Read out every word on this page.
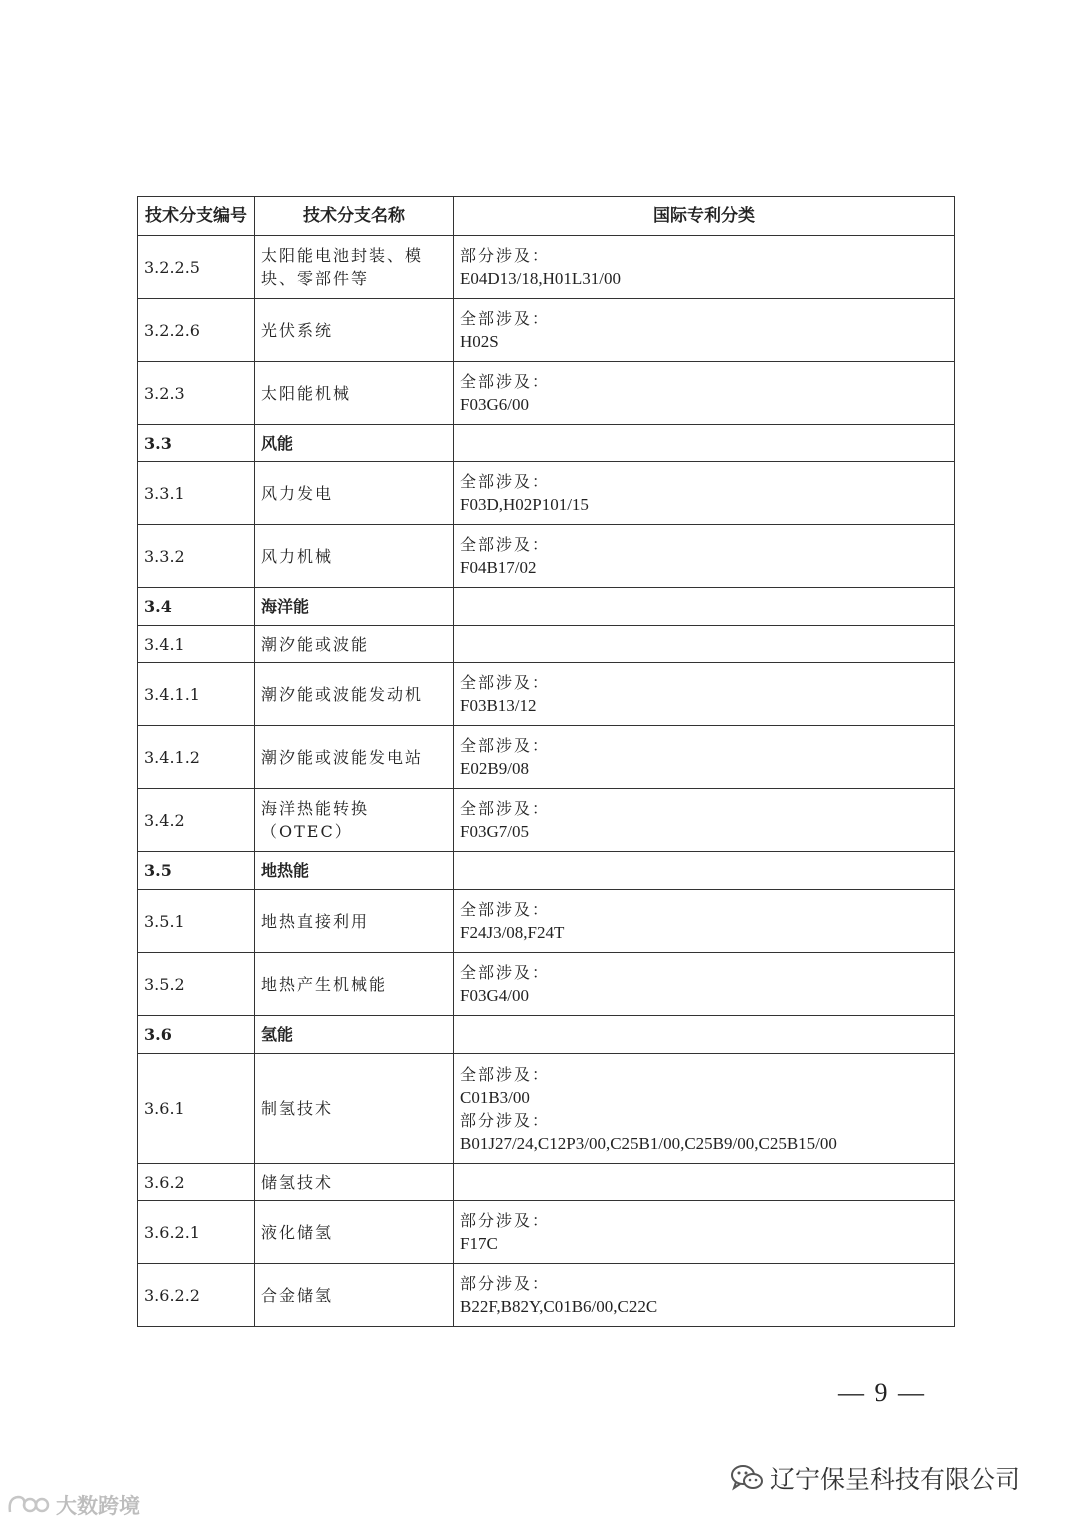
技术分支编号	技术分支名称	国际专利分类
3.2.2.5	太阳能电池封装、模块、零部件等	部分涉及：
E04D13/18,H01L31/00

3.2.2.6	光伏系统	全部涉及：
H02S

3.2.3	太阳能机械	全部涉及：
F03G6/00

3.3	风能	
3.3.1	风力发电	全部涉及：
F03D,H02P101/15

3.3.2	风力机械	全部涉及：
F04B17/02

3.4	海洋能	
3.4.1	潮汐能或波能	
3.4.1.1	潮汐能或波能发动机	全部涉及：
F03B13/12

3.4.1.2	潮汐能或波能发电站	全部涉及：
E02B9/08

3.4.2	海洋热能转换（OTEC）	全部涉及：
F03G7/05

3.5	地热能	
3.5.1	地热直接利用	全部涉及：
F24J3/08,F24T

3.5.2	地热产生机械能	全部涉及：
F03G4/00

3.6	氢能	
3.6.1	制氢技术	全部涉及：
C01B3/00
部分涉及：
B01J27/24,C12P3/00,C25B1/00,C25B9/00,C25B15/00

3.6.2	储氢技术	
3.6.2.1	液化储氢	部分涉及：
F17C

3.6.2.2	合金储氢	部分涉及：
B22F,B82Y,C01B6/00,C22C
— 9 —
辽宁保呈科技有限公司
大数跨境
